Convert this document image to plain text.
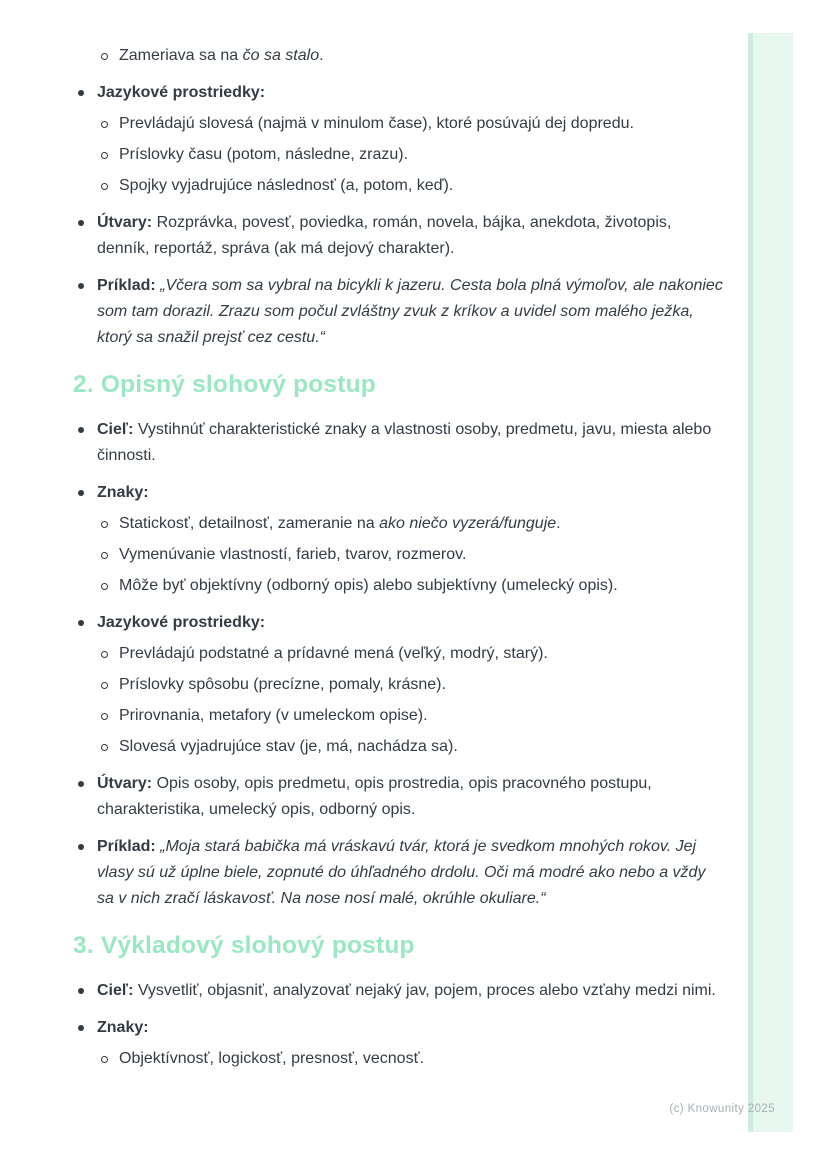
Zameriava sa na čo sa stalo.
Jazykové prostriedky:
Prevládajú slovesá (najmä v minulom čase), ktoré posúvajú dej dopredu.
Príslovky času (potom, následne, zrazu).
Spojky vyjadrujúce následnosť (a, potom, keď).
Útvary: Rozprávka, povesť, poviedka, román, novela, bájka, anekdota, životopis, denník, reportáž, správa (ak má dejový charakter).
Príklad: „Včera som sa vybral na bicykli k jazeru. Cesta bola plná výmoľov, ale nakoniec som tam dorazil. Zrazu som počul zvláštny zvuk z kríkov a uvidel som malého ježka, ktorý sa snažil prejsť cez cestu.“
2. Opisný slohový postup
Cieľ: Vystihnúť charakteristické znaky a vlastnosti osoby, predmetu, javu, miesta alebo činnosti.
Znaky:
Statickosť, detailnosť, zameranie na ako niečo vyzerá/funguje.
Vymenúvanie vlastností, farieb, tvarov, rozmerov.
Môže byť objektívny (odborný opis) alebo subjektívny (umelecký opis).
Jazykové prostriedky:
Prevládajú podstatné a prídavné mená (veľký, modrý, starý).
Príslovky spôsobu (precízne, pomaly, krásne).
Prirovnania, metafory (v umeleckom opise).
Slovesá vyjadrujúce stav (je, má, nachádza sa).
Útvary: Opis osoby, opis predmetu, opis prostredia, opis pracovného postupu, charakteristika, umelecký opis, odborný opis.
Príklad: „Moja stará babička má vráskavú tvár, ktorá je svedkom mnohých rokov. Jej vlasy sú už úplne biele, zopnuté do úhľadného drdolu. Oči má modré ako nebo a vždy sa v nich zračí láskavosť. Na nose nosí malé, okrúhle okuliare.“
3. Výkladový slohový postup
Cieľ: Vysvetliť, objasniť, analyzovať nejaký jav, pojem, proces alebo vzťahy medzi nimi.
Znaky:
Objektívnosť, logickosť, presnosť, vecnosť.
(c) Knowunity 2025
